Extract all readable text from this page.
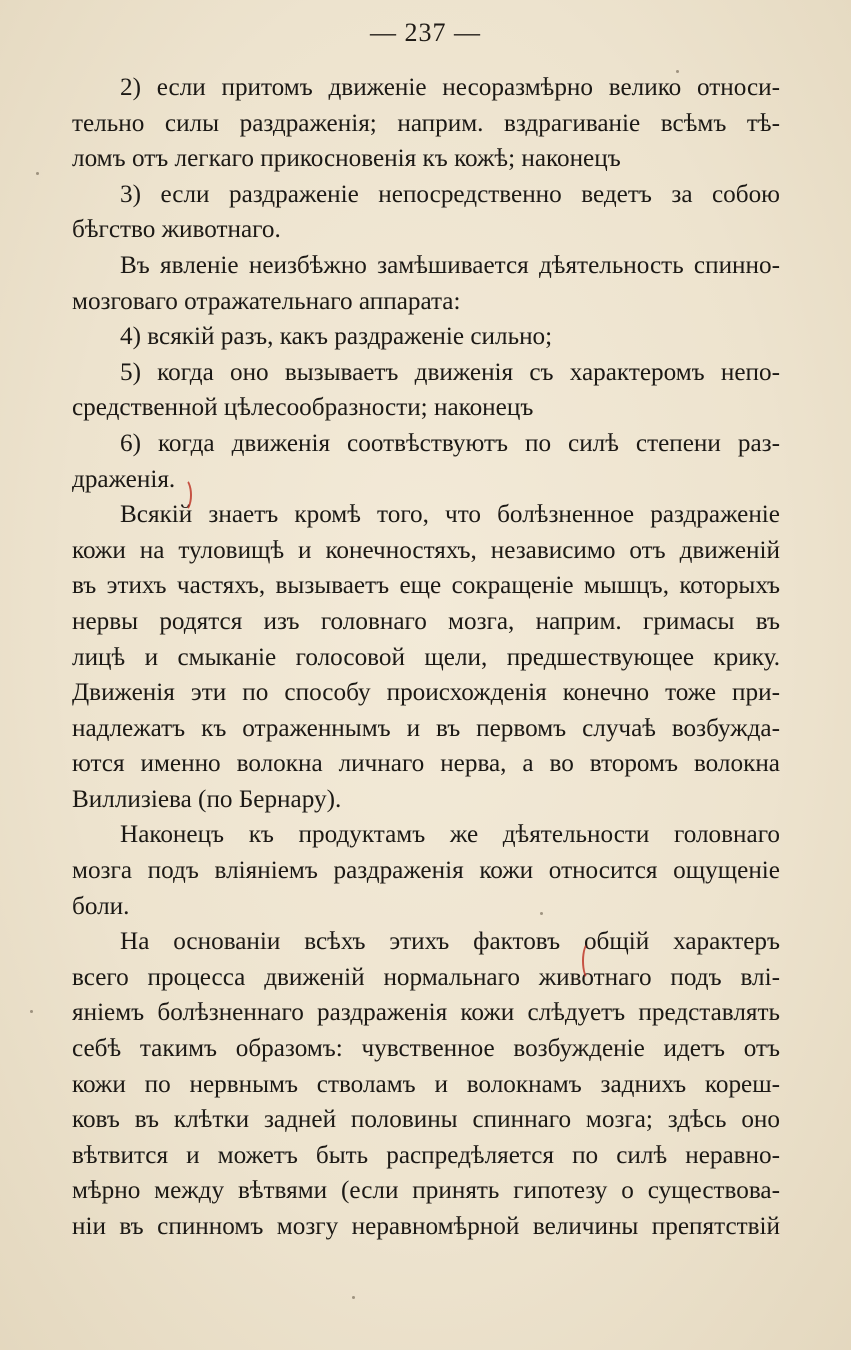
— 237 —
2) если притомъ движенie несоразмѣрно велико относи-
тельно силы раздраженія; наприм. вздрагиванie всѣмъ тѣ-
ломъ отъ легкаго прикосновенія къ кожѣ; наконецъ
3) если раздраженie непосредственно ведетъ за собою
бѣгство животнаго.
Въ явленie неизбѣжно замѣшивается дѣятельность спинно-
мозговаго отражательнаго аппарата:
4) всякій разъ, какъ раздраженie сильно;
5) когда оно вызываетъ движенія съ характеромъ непо-
средственной цѣлесообразности; наконецъ
6) когда движенія соотвѣствуютъ по силѣ степени раз-
драженія.
Всякій знаетъ кромѣ того, что болѣзненное раздраженie
кожи на туловищѣ и конечностяхъ, независимо отъ движеній
въ этихъ частяхъ, вызываетъ еще сокращенie мышцъ, которыхъ
нервы родятся изъ головнаго мозга, наприм. гримасы въ
лицѣ и смыканie голосовой щели, предшествующее крику.
Движенія эти по способу происхожденія конечно тоже при-
надлежатъ къ отраженнымъ и въ первомъ случаѣ возбужда-
ются именно волокна личнаго нерва, а во второмъ волокна
Виллизіева (по Бернару).
Наконецъ къ продуктамъ же дѣятельности головнаго
мозга подъ вліяніемъ раздраженія кожи относится ощущенie
боли.
На основаніи всѣхъ этихъ фактовъ общій характеръ
всего процесса движеній нормальнаго животнаго подъ влі-
яніемъ болѣзненнаго раздраженія кожи слѣдуетъ представлять
себѣ такимъ образомъ: чувственное возбужденie идетъ отъ
кожи по нервнымъ стволамъ и волокнамъ заднихъ кореш-
ковъ въ клѣтки задней половины спиннаго мозга; здѣсь оно
вѣтвится и можетъ быть распредѣляется по силѣ неравно-
мѣрно между вѣтвями (если принять гипотезу о существова-
ніи въ спинномъ мозгу неравномѣрной величины препятствій
